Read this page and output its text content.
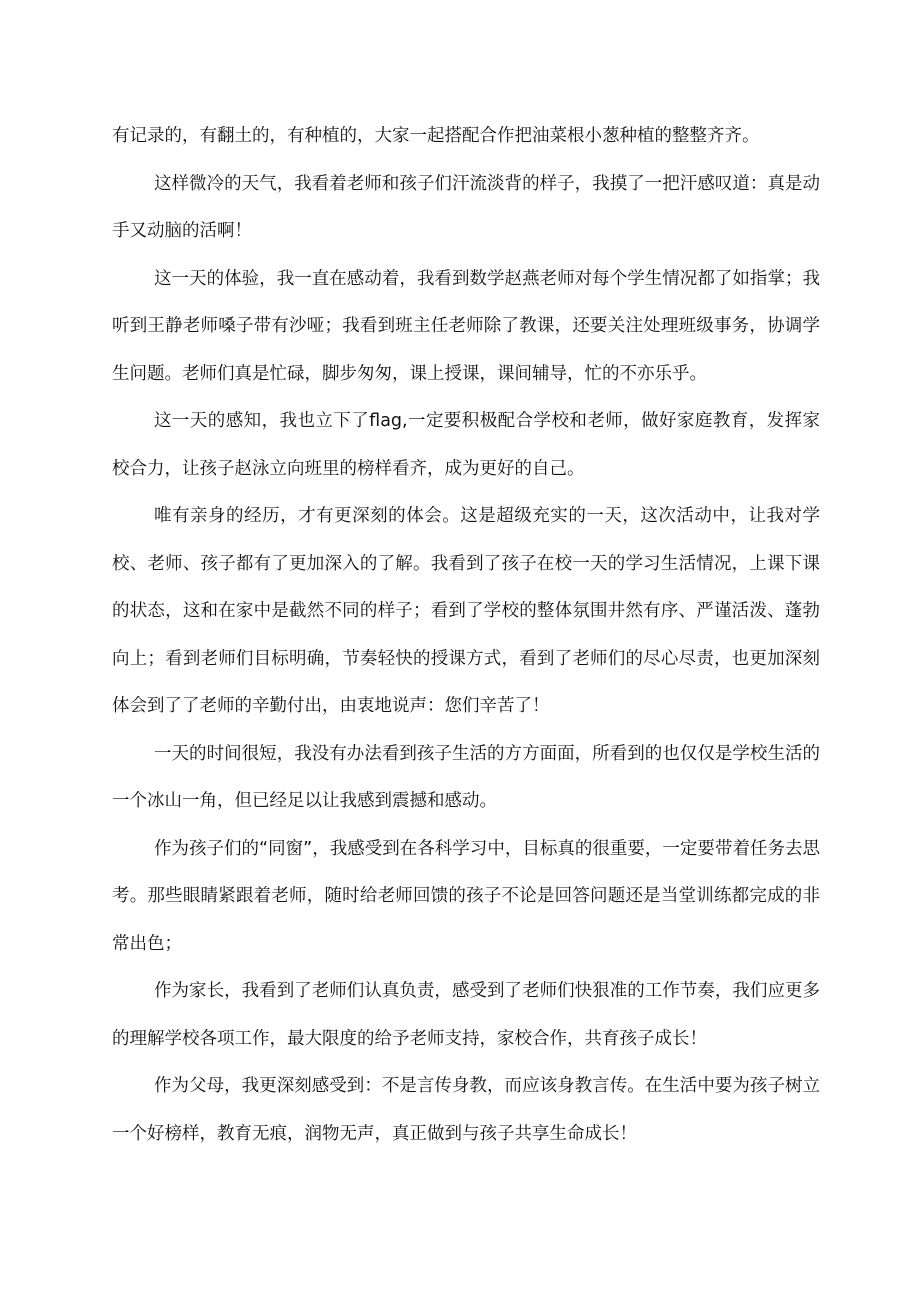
有记录的，有翻土的，有种植的，大家一起搭配合作把油菜根小葱种植的整整齐齐。

这样微冷的天气，我看着老师和孩子们汗流淡背的样子，我摸了一把汗感叹道：真是动手又动脑的活啊！

这一天的体验，我一直在感动着，我看到数学赵燕老师对每个学生情况都了如指掌；我听到王静老师嗓子带有沙哑；我看到班主任老师除了教课，还要关注处理班级事务，协调学生问题。老师们真是忙碌，脚步匆匆，课上授课，课间辅导，忙的不亦乐乎。

这一天的感知，我也立下了flag,一定要积极配合学校和老师，做好家庭教育，发挥家校合力，让孩子赵泳立向班里的榜样看齐，成为更好的自己。

唯有亲身的经历，才有更深刻的体会。这是超级充实的一天，这次活动中，让我对学校、老师、孩子都有了更加深入的了解。我看到了孩子在校一天的学习生活情况，上课下课的状态，这和在家中是截然不同的样子；看到了学校的整体氛围井然有序、严谨活泼、蓬勃向上；看到老师们目标明确，节奏轻快的授课方式，看到了老师们的尽心尽责，也更加深刻体会到了了老师的辛勤付出，由衷地说声：您们辛苦了！

一天的时间很短，我没有办法看到孩子生活的方方面面，所看到的也仅仅是学校生活的一个冰山一角，但已经足以让我感到震撼和感动。

作为孩子们的“同窗”，我感受到在各科学习中，目标真的很重要，一定要带着任务去思考。那些眼睛紧跟着老师，随时给老师回馈的孩子不论是回答问题还是当堂训练都完成的非常出色；

作为家长，我看到了老师们认真负责，感受到了老师们快狠准的工作节奏，我们应更多的理解学校各项工作，最大限度的给予老师支持，家校合作，共育孩子成长！

作为父母，我更深刻感受到：不是言传身教，而应该身教言传。在生活中要为孩子树立一个好榜样，教育无痕，润物无声，真正做到与孩子共享生命成长！
